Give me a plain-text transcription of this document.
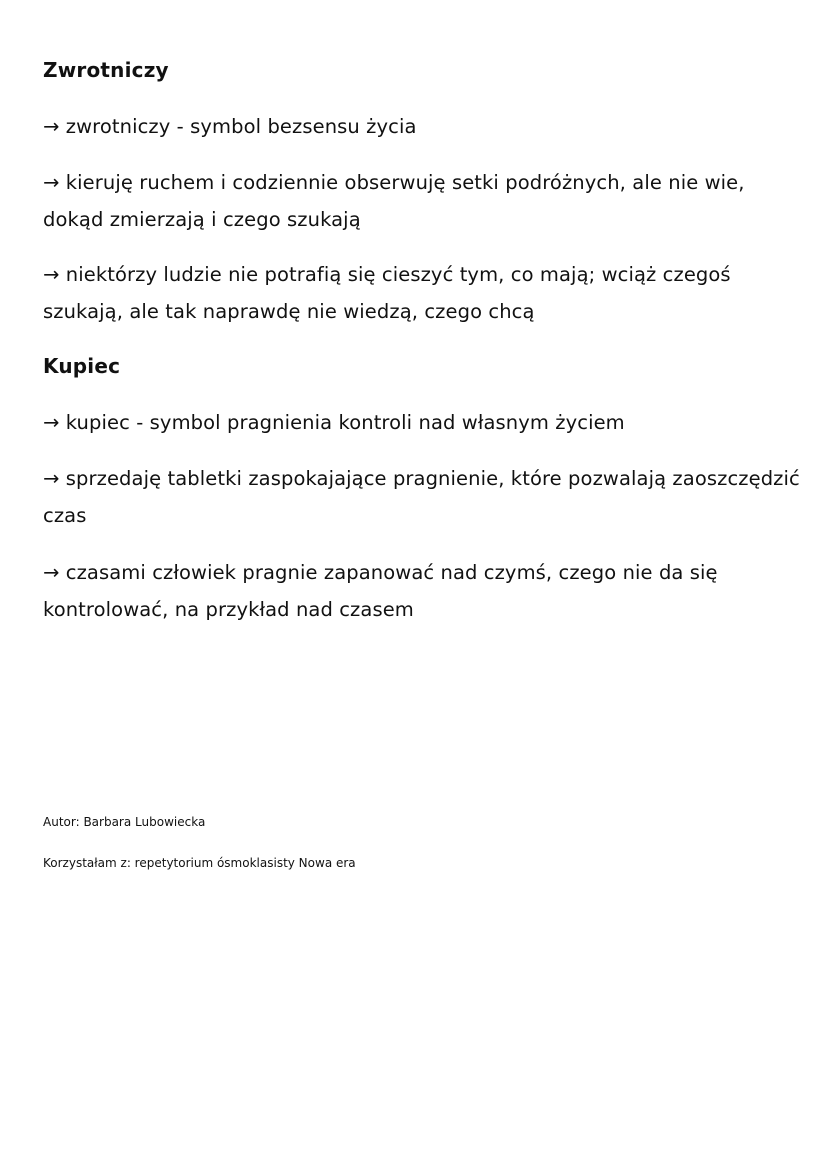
Zwrotniczy
→ zwrotniczy - symbol bezsensu życia
→ kieruję ruchem i codziennie obserwuję setki podróżnych, ale nie wie, dokąd zmierzają i czego szukają
→ niektórzy ludzie nie potrafią się cieszyć tym, co mają; wciąż czegoś szukają, ale tak naprawdę nie wiedzą, czego chcą
Kupiec
→ kupiec - symbol pragnienia kontroli nad własnym życiem
→ sprzedaję tabletki zaspokajające pragnienie, które pozwalają zaoszczędzić czas
→ czasami człowiek pragnie zapanować nad czymś, czego nie da się kontrolować, na przykład nad czasem
Autor: Barbara Lubowiecka
Korzystałam z: repetytorium ósmoklasisty Nowa era
